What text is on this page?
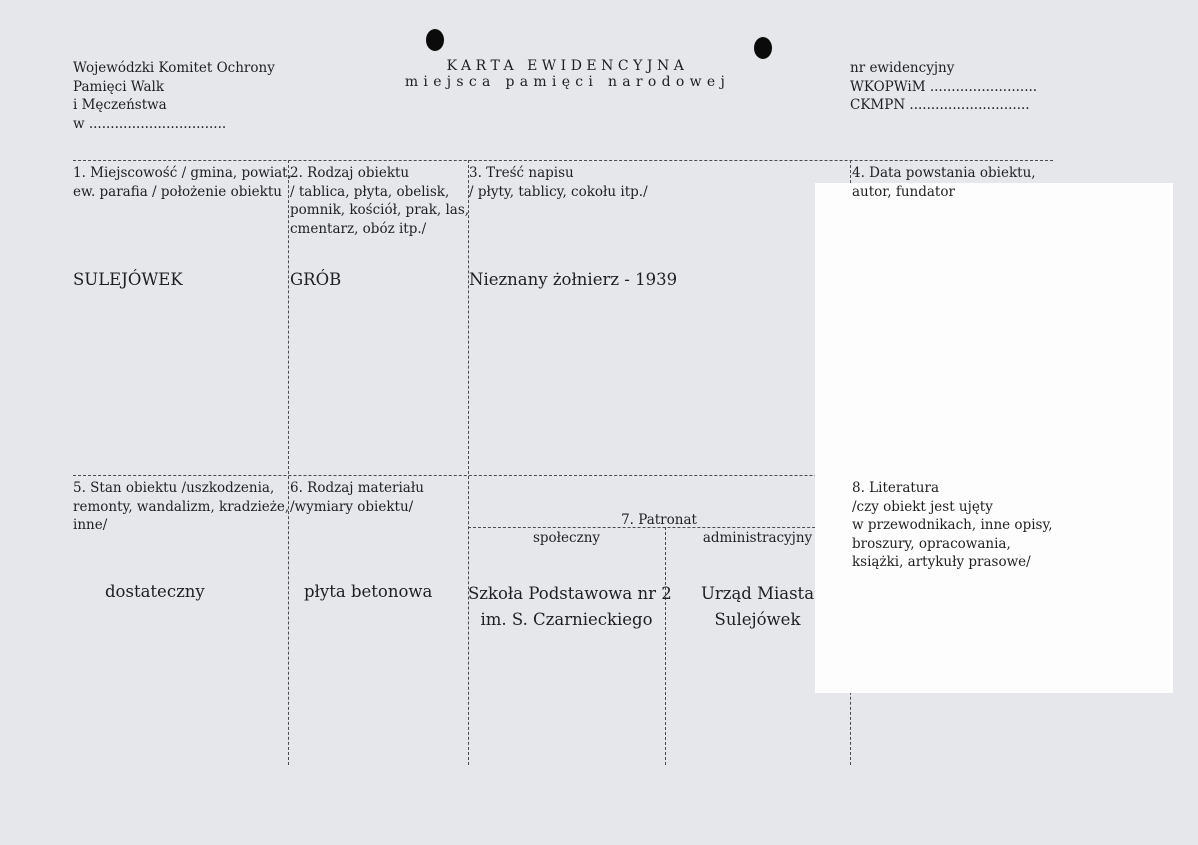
Wojewódzki Komitet Ochrony
Pamięci Walk
i Męczeństwa
w ................................
KARTA EWIDENCYJNA
miejsca pamięci narodowej
nr ewidencyjny
WKOPWiM .........................
CKMPN ............................
1. Miejscowość / gmina, powiat,
ew. parafia / położenie obiektu
SULEJÓWEK
2. Rodzaj obiektu
/ tablica, płyta, obelisk,
pomnik, kościół, prak, las,
cmentarz, obóz itp./
GRÓB
3. Treść napisu
/ płyty, tablicy, cokołu itp./
Nieznany żołnierz - 1939
4. Data powstania obiektu,
autor, fundator
5. Stan obiektu /uszkodzenia,
remonty, wandalizm, kradzieże,
inne/
dostateczny
6. Rodzaj materiału
/wymiary obiektu/
płyta betonowa
7. Patronat
społeczny	administracyjny
Szkoła Podstawowa nr 2
im. S. Czarnieckiego
Urząd Miasta
Sulejówek
8. Literatura
/czy obiekt jest ujęty
w przewodnikach, inne opisy,
broszury, opracowania,
książki, artykuły prasowe/
